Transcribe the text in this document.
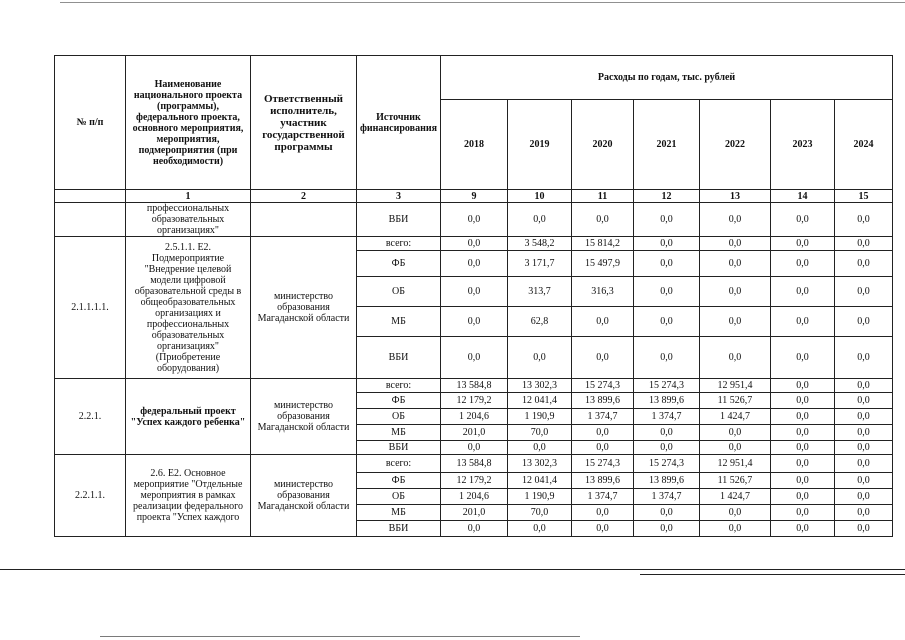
№ п/п	Наименование национального проекта (программы), федерального проекта, основного мероприятия, мероприятия, подмероприятия (при необходимости)	Ответственный исполнитель, участник государственной программы	Источник финансирования	Расходы по годам, тыс. рублей						
				2018	2019	2020	2021	2022	2023	2024
	1	2	3	9	10	11	12	13	14	15
	профессиональных образовательных организациях"		ВБИ	0,0	0,0	0,0	0,0	0,0	0,0	0,0
2.1.1.1.1.	2.5.1.1. Е2. Подмероприятие "Внедрение целевой модели цифровой образовательной среды в общеобразовательных организациях и профессиональных образовательных организациях" (Приобретение оборудования)	министерство образования Магаданской области	всего:	0,0	3 548,2	15 814,2	0,0	0,0	0,0	0,0
			ФБ	0,0	3 171,7	15 497,9	0,0	0,0	0,0	0,0
			ОБ	0,0	313,7	316,3	0,0	0,0	0,0	0,0
			МБ	0,0	62,8	0,0	0,0	0,0	0,0	0,0
			ВБИ	0,0	0,0	0,0	0,0	0,0	0,0	0,0
2.2.1.	федеральный проект "Успех каждого ребенка"	министерство образования Магаданской области	всего:	13 584,8	13 302,3	15 274,3	15 274,3	12 951,4	0,0	0,0
			ФБ	12 179,2	12 041,4	13 899,6	13 899,6	11 526,7	0,0	0,0
			ОБ	1 204,6	1 190,9	1 374,7	1 374,7	1 424,7	0,0	0,0
			МБ	201,0	70,0	0,0	0,0	0,0	0,0	0,0
			ВБИ	0,0	0,0	0,0	0,0	0,0	0,0	0,0
2.2.1.1.	2.6. Е2. Основное мероприятие "Отдельные мероприятия в рамках реализации федерального проекта "Успех каждого	министерство образования Магаданской области	всего:	13 584,8	13 302,3	15 274,3	15 274,3	12 951,4	0,0	0,0
			ФБ	12 179,2	12 041,4	13 899,6	13 899,6	11 526,7	0,0	0,0
			ОБ	1 204,6	1 190,9	1 374,7	1 374,7	1 424,7	0,0	0,0
			МБ	201,0	70,0	0,0	0,0	0,0	0,0	0,0
			ВБИ	0,0	0,0	0,0	0,0	0,0	0,0	0,0
